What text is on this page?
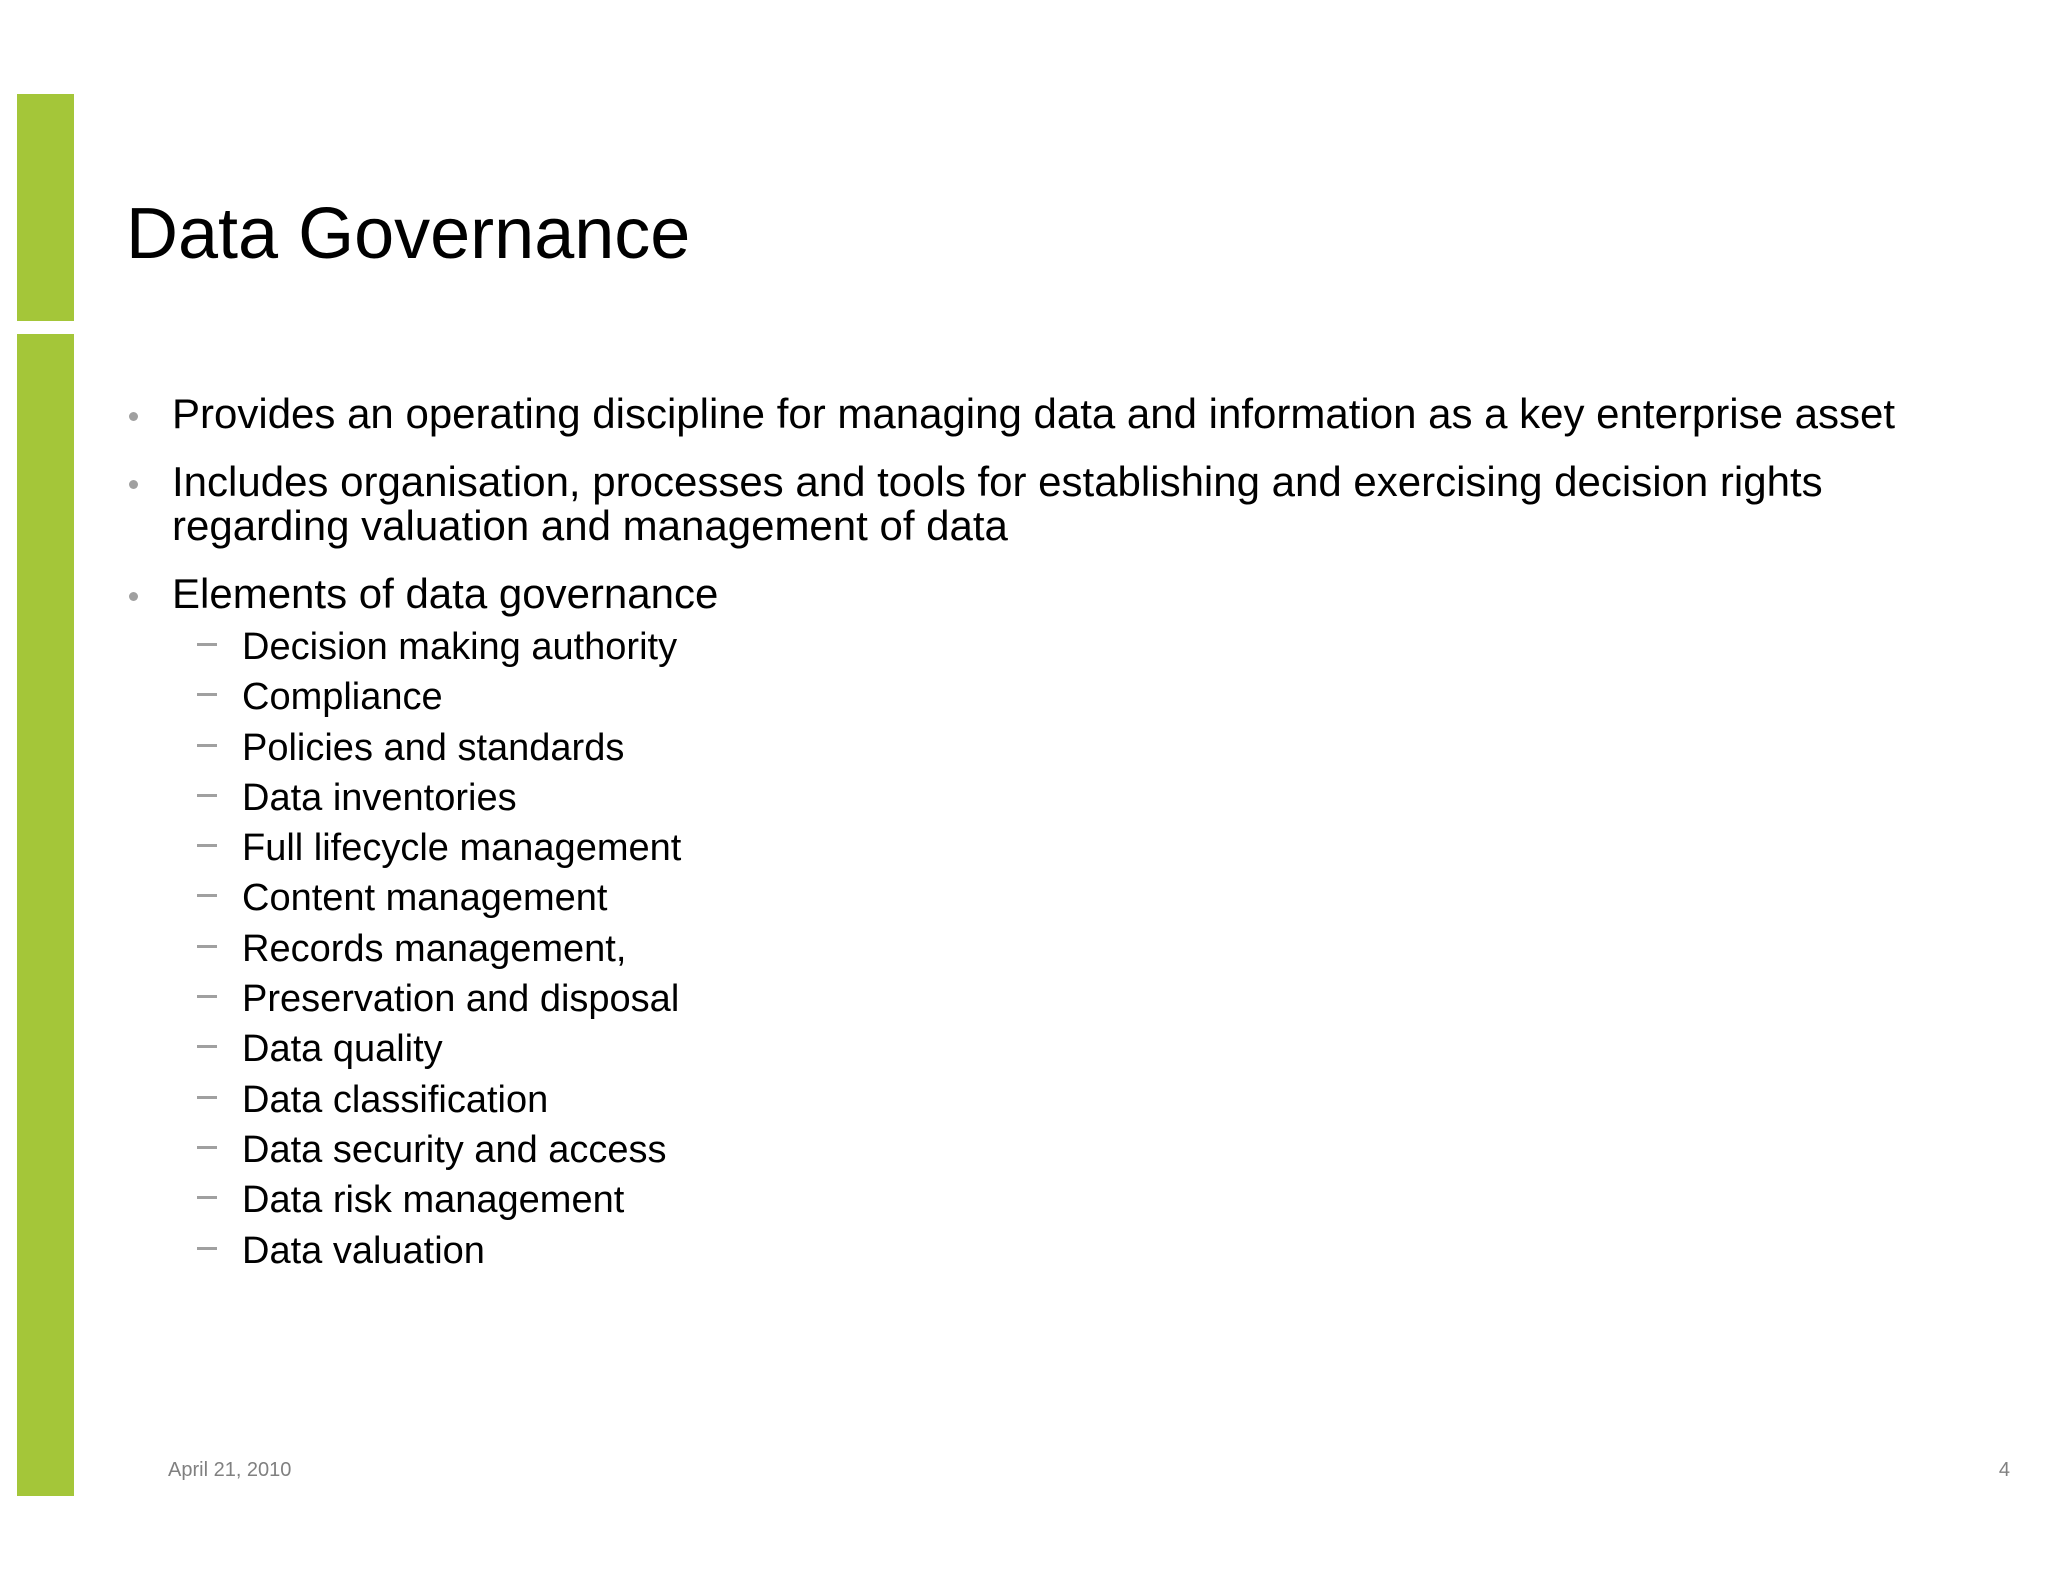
Data Governance
Provides an operating discipline for managing data and information as a key enterprise asset
Includes organisation, processes and tools for establishing and exercising decision rights regarding valuation and management of data
Elements of data governance
Decision making authority
Compliance
Policies and standards
Data inventories
Full lifecycle management
Content management
Records management,
Preservation and disposal
Data quality
Data classification
Data security and access
Data risk management
Data valuation
April 21, 2010	4
